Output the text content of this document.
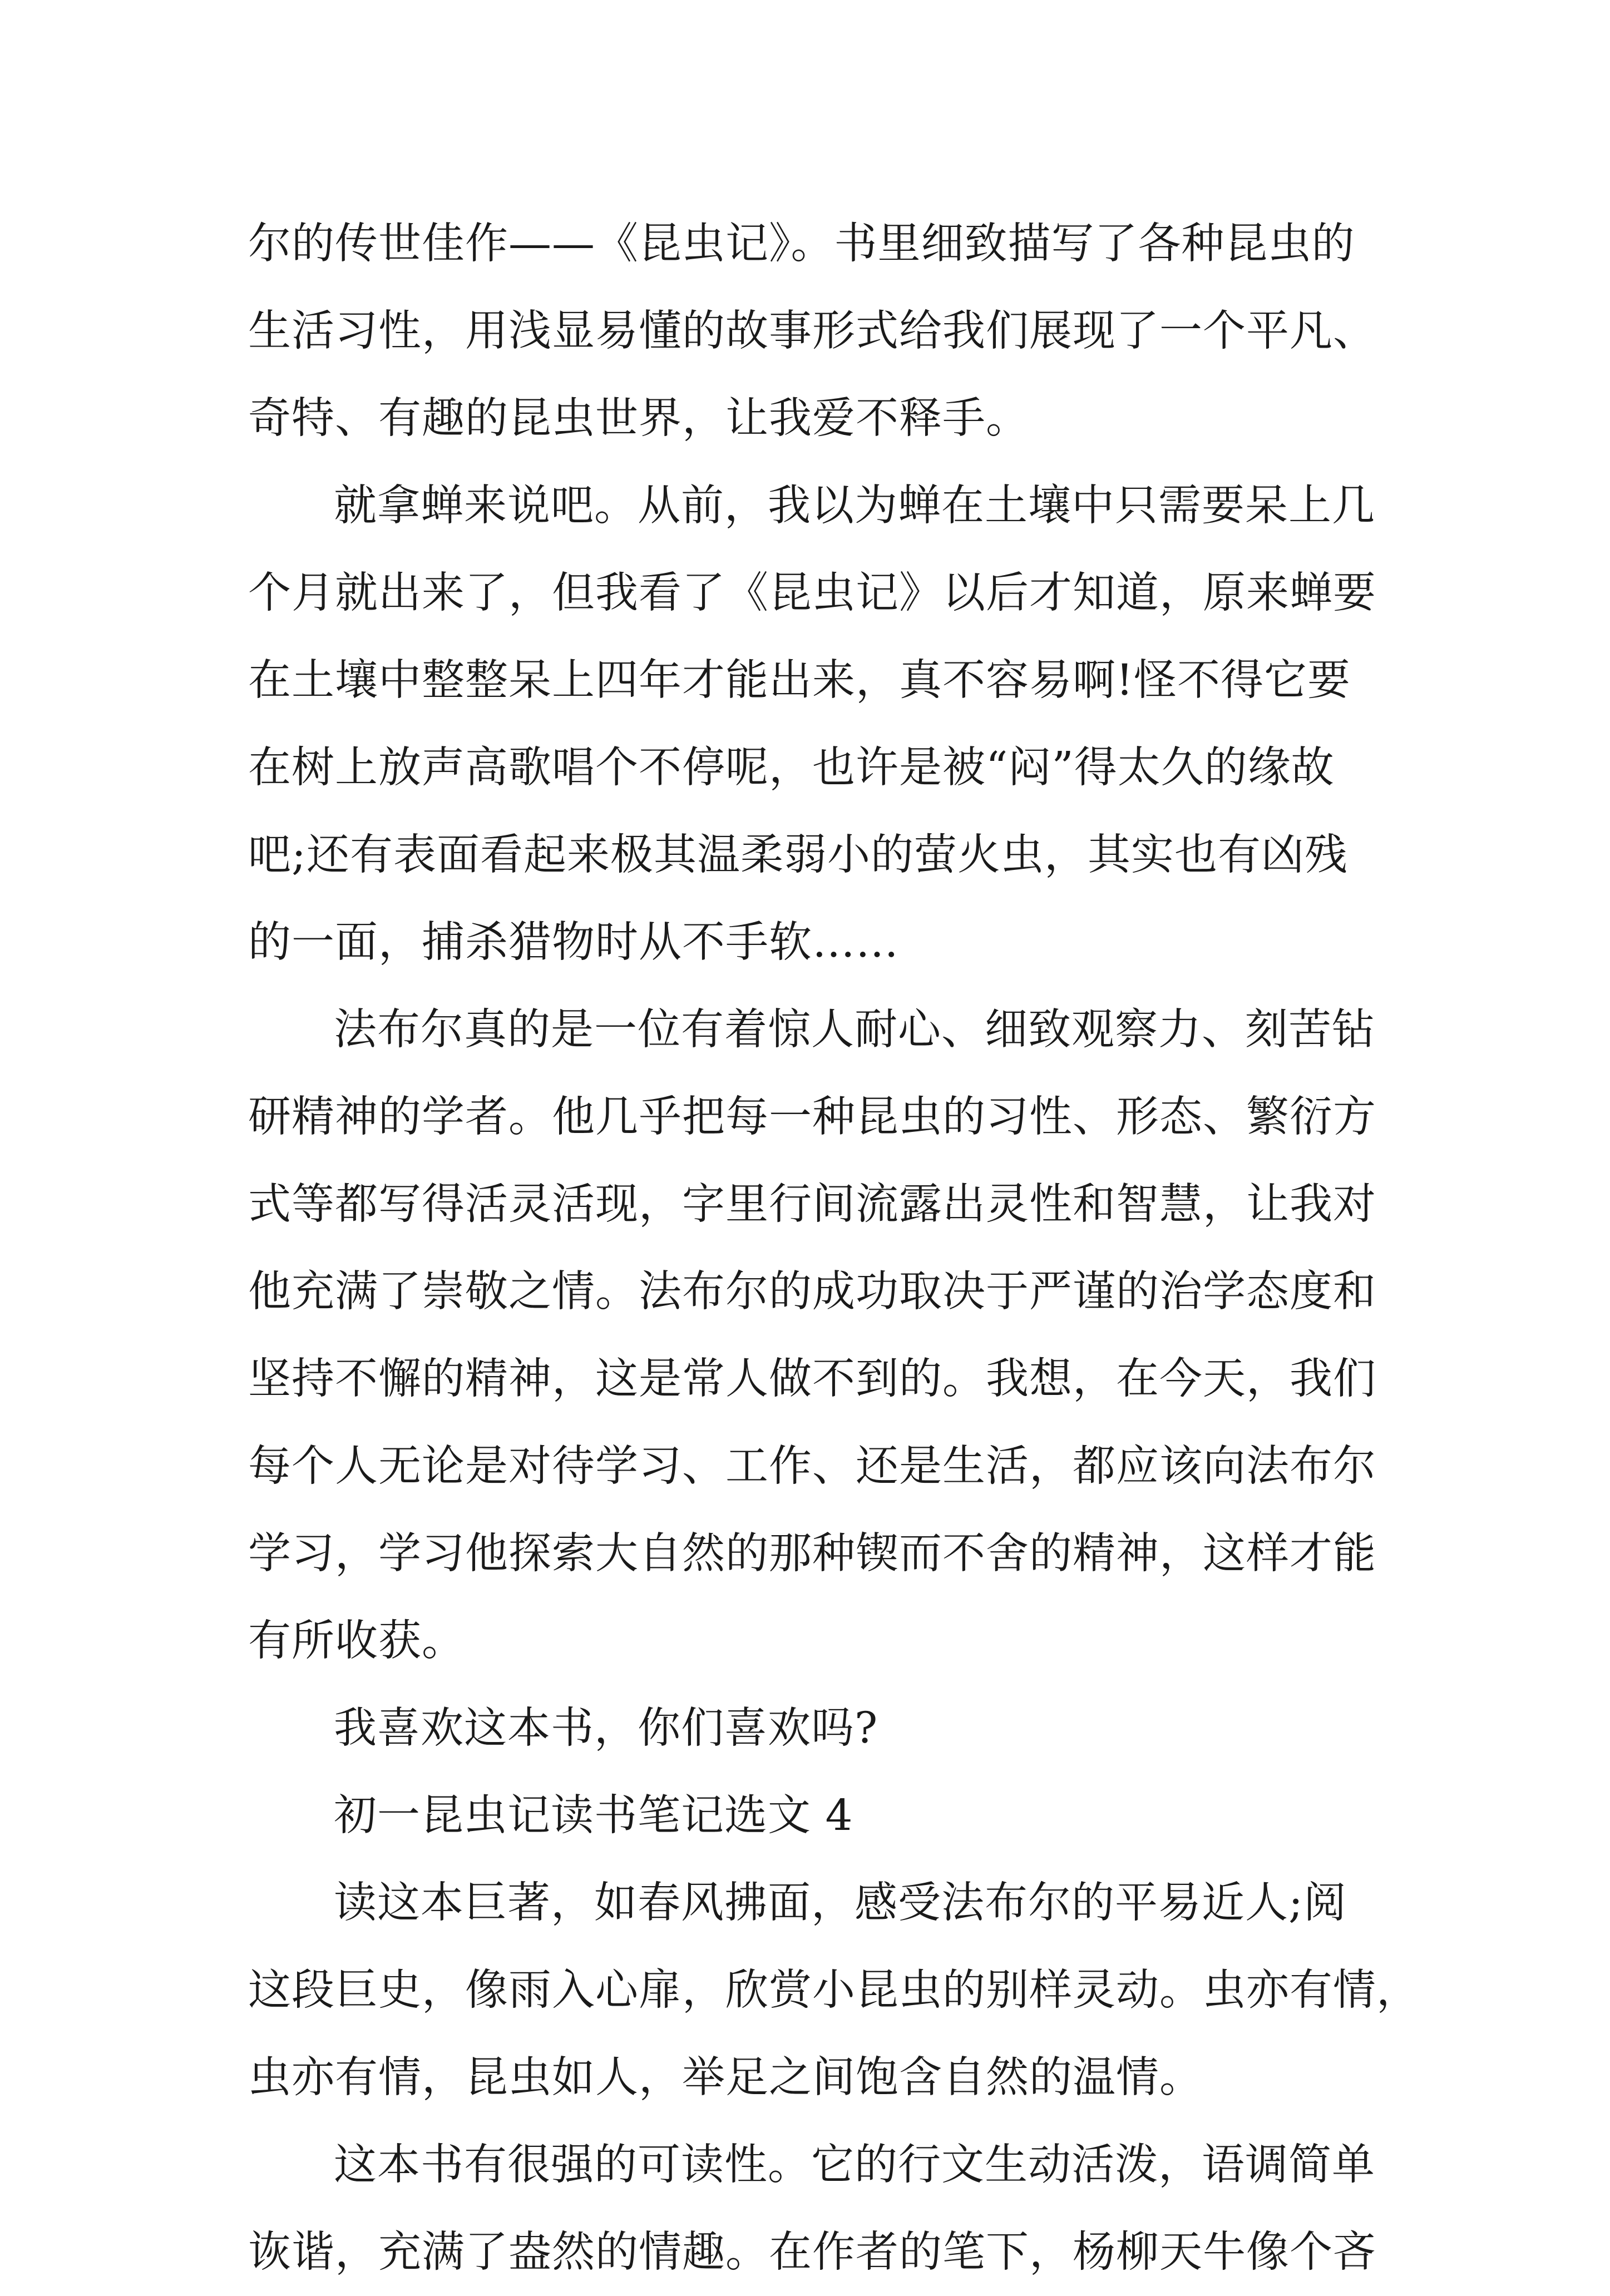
尔的传世佳作——《昆虫记》。书里细致描写了各种昆虫的
生活习性，用浅显易懂的故事形式给我们展现了一个平凡、
奇特、有趣的昆虫世界，让我爱不释手。
就拿蝉来说吧。从前，我以为蝉在土壤中只需要呆上几
个月就出来了，但我看了《昆虫记》以后才知道，原来蝉要
在土壤中整整呆上四年才能出来，真不容易啊!怪不得它要
在树上放声高歌唱个不停呢，也许是被“闷”得太久的缘故
吧;还有表面看起来极其温柔弱小的萤火虫，其实也有凶残
的一面，捕杀猎物时从不手软……
法布尔真的是一位有着惊人耐心、细致观察力、刻苦钻
研精神的学者。他几乎把每一种昆虫的习性、形态、繁衍方
式等都写得活灵活现，字里行间流露出灵性和智慧，让我对
他充满了崇敬之情。法布尔的成功取决于严谨的治学态度和
坚持不懈的精神，这是常人做不到的。我想，在今天，我们
每个人无论是对待学习、工作、还是生活，都应该向法布尔
学习，学习他探索大自然的那种锲而不舍的精神，这样才能
有所收获。
我喜欢这本书，你们喜欢吗?
初一昆虫记读书笔记选文 4
读这本巨著，如春风拂面，感受法布尔的平易近人;阅
这段巨史，像雨入心扉，欣赏小昆虫的别样灵动。虫亦有情，
虫亦有情，昆虫如人，举足之间饱含自然的温情。
这本书有很强的可读性。它的行文生动活泼，语调简单
诙谐，充满了盎然的情趣。在作者的笔下，杨柳天牛像个吝
